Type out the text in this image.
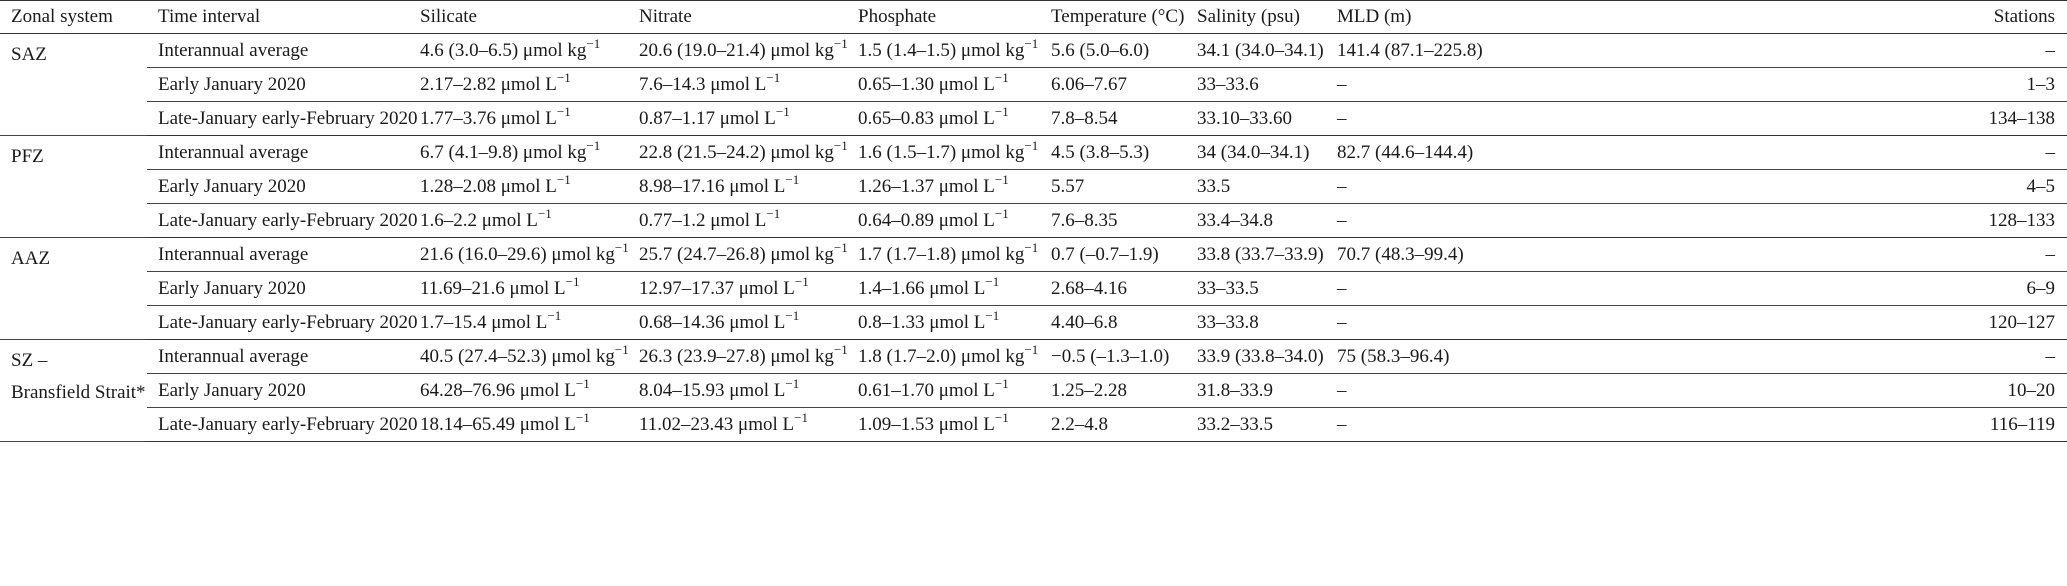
Zonal system	Time interval	Silicate	Nitrate	Phosphate	Temperature (°C)	Salinity (psu)	MLD (m)	Stations

SAZ	Interannual average	4.6 (3.0–6.5) μmol $kg^{-1}$	20.6 (19.0–21.4) μmol $kg^{-1}$	1.5 (1.4–1.5) μmol $kg^{-1}$	5.6 (5.0–6.0)	34.1 (34.0–34.1)	141.4 (87.1–225.8)	–
	Early January 2020	2.17–2.82 μmol $L^{-1}$	7.6–14.3 μmol $L^{-1}$	0.65–1.30 μmol $L^{-1}$	6.06–7.67	33–33.6	–	1–3
	Late-January early-February 2020	1.77–3.76 μmol $L^{-1}$	0.87–1.17 μmol $L^{-1}$	0.65–0.83 μmol $L^{-1}$	7.8–8.54	33.10–33.60	–	134–138

PFZ	Interannual average	6.7 (4.1–9.8) μmol $kg^{-1}$	22.8 (21.5–24.2) μmol $kg^{-1}$	1.6 (1.5–1.7) μmol $kg^{-1}$	4.5 (3.8–5.3)	34 (34.0–34.1)	82.7 (44.6–144.4)	–
	Early January 2020	1.28–2.08 μmol $L^{-1}$	8.98–17.16 μmol $L^{-1}$	1.26–1.37 μmol $L^{-1}$	5.57	33.5	–	4–5
	Late-January early-February 2020	1.6–2.2 μmol $L^{-1}$	0.77–1.2 μmol $L^{-1}$	0.64–0.89 μmol $L^{-1}$	7.6–8.35	33.4–34.8	–	128–133

AAZ	Interannual average	21.6 (16.0–29.6) μmol $kg^{-1}$	25.7 (24.7–26.8) μmol $kg^{-1}$	1.7 (1.7–1.8) μmol $kg^{-1}$	0.7 (–0.7–1.9)	33.8 (33.7–33.9)	70.7 (48.3–99.4)	–
	Early January 2020	11.69–21.6 μmol $L^{-1}$	12.97–17.37 μmol $L^{-1}$	1.4–1.66 μmol $L^{-1}$	2.68–4.16	33–33.5	–	6–9
	Late-January early-February 2020	1.7–15.4 μmol $L^{-1}$	0.68–14.36 μmol $L^{-1}$	0.8–1.33 μmol $L^{-1}$	4.40–6.8	33–33.8	–	120–127

SZ –
Bransfield Strait*	Interannual average	40.5 (27.4–52.3) μmol $kg^{-1}$	26.3 (23.9–27.8) μmol $kg^{-1}$	1.8 (1.7–2.0) μmol $kg^{-1}$	−0.5 (–1.3–1.0)	33.9 (33.8–34.0)	75 (58.3–96.4)	–
	Early January 2020	64.28–76.96 μmol $L^{-1}$	8.04–15.93 μmol $L^{-1}$	0.61–1.70 μmol $L^{-1}$	1.25–2.28	31.8–33.9	–	10–20
	Late-January early-February 2020	18.14–65.49 μmol $L^{-1}$	11.02–23.43 μmol $L^{-1}$	1.09–1.53 μmol $L^{-1}$	2.2–4.8	33.2–33.5	–	116–119
